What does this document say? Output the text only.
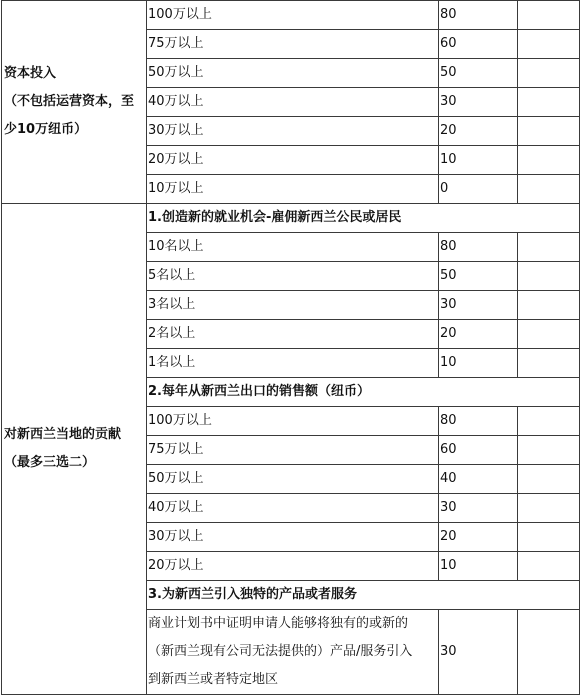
资本投入
（不包括运营资本，至
少10万纽币）	100万以上	80	
	75万以上	60	
	50万以上	50	
	40万以上	30	
	30万以上	20	
	20万以上	10	
	10万以上	0	

对新西兰当地的贡献
（最多三选二）	1.创造新的就业机会-雇佣新西兰公民或居民		
	10名以上	80	
	5名以上	50	
	3名以上	30	
	2名以上	20	
	1名以上	10	
	2.每年从新西兰出口的销售额（纽币）		
	100万以上	80	
	75万以上	60	
	50万以上	40	
	40万以上	30	
	30万以上	20	
	20万以上	10	
	3.为新西兰引入独特的产品或者服务		

	商业计划书中证明申请人能够将独有的或新的
（新西兰现有公司无法提供的）产品/服务引入
到新西兰或者特定地区	30	
